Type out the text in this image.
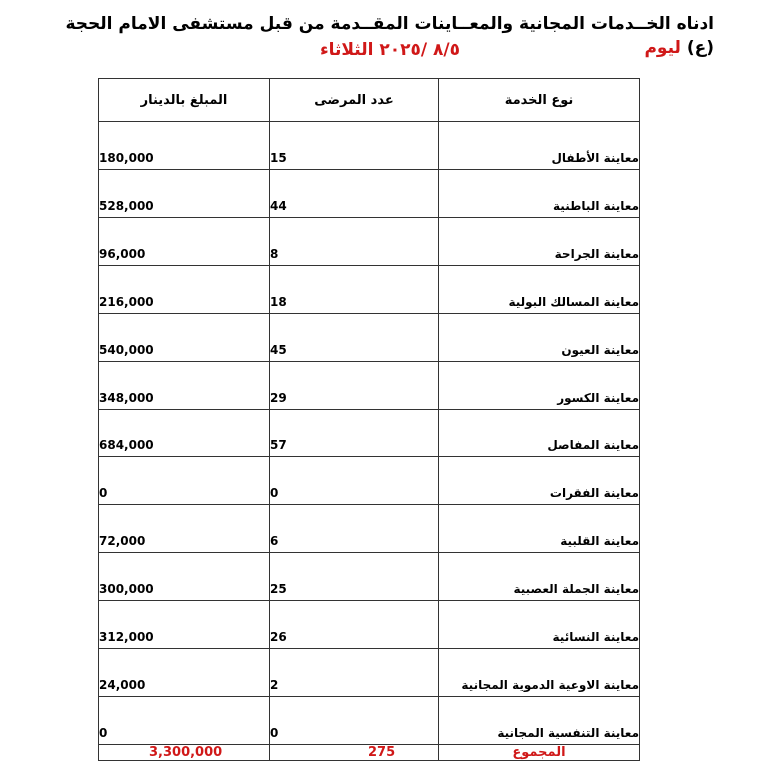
ادناه الخــدمات المجانية والمعــاينات المقــدمة من قبل مستشفى الامام الحجة (ع) ليوم
٨/٥ /٢٠٢٥ الثلاثاء
المبلغ بالدينار	عدد المرضى	نوع الخدمة
180,000	15	معاينة الأطفال
528,000	44	معاينة الباطنية
96,000	8	معاينة الجراحة
216,000	18	معاينة المسالك البولية
540,000	45	معاينة العيون
348,000	29	معاينة الكسور
684,000	57	معاينة المفاصل
0	0	معاينة الفقرات
72,000	6	معاينة القلبية
300,000	25	معاينة الجملة العصبية
312,000	26	معاينة النسائية
24,000	2	معاينة الاوعية الدموية المجانية
0	0	معاينة التنفسية المجانية
3,300,000	275	المجموع
